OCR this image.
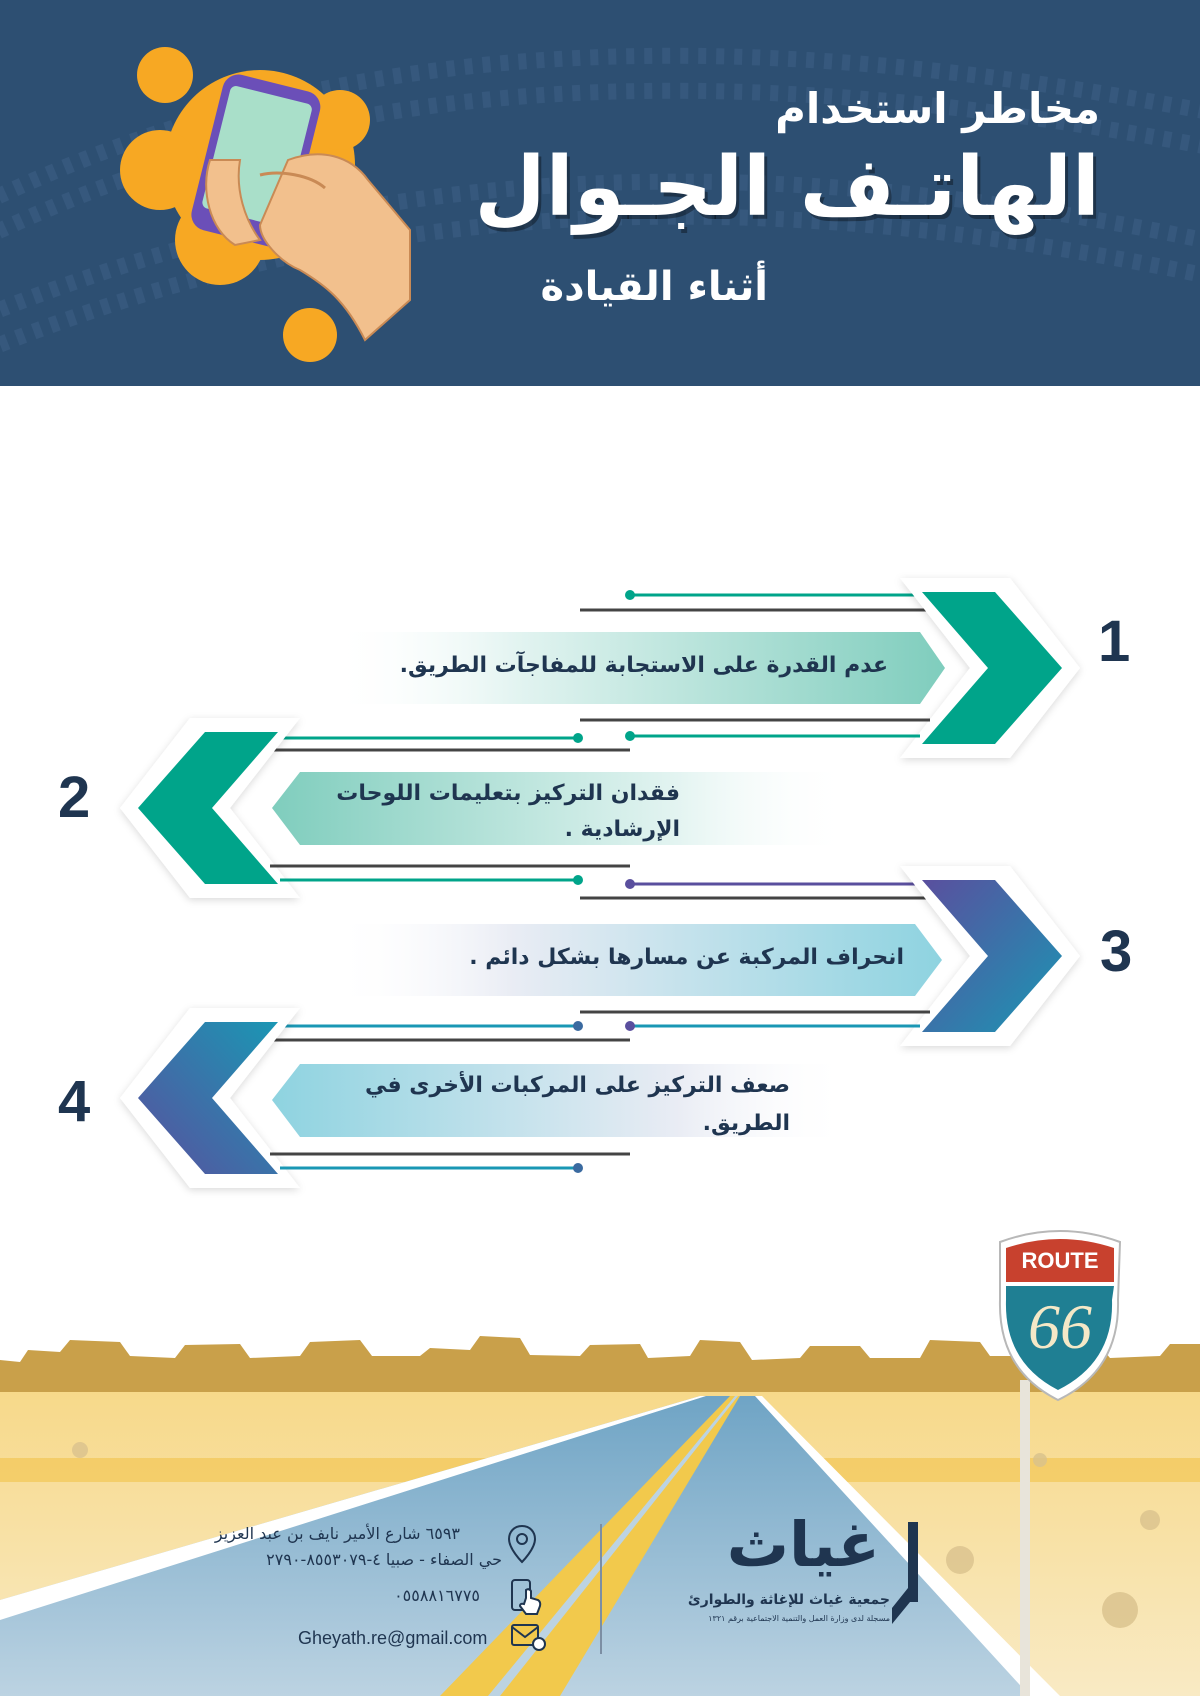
مخاطر استخدام
الهاتـف الجـوال
أثناء القيادة
1
عدم القدرة على الاستجابة للمفاجآت الطريق.
2	فقدان التركيز بتعليمات اللوحات
الإرشادية .
3
انحراف المركبة عن مسارها بشكل دائم .
4	صعف التركيز على المركبات الأخرى في
الطريق.
ROUTE
66
٦٥٩٣ شارع الأمير نايف بن عبد العزيز
حي الصفاء - صبيا ٤-٨٥٥٣٠٧٩-٢٧٩٠
٠٥٥٨٨١٦٧٧٥
Gheyath.re@gmail.com
غياث
جمعية غياث للإغاثة والطوارئ
مسجلة لدى وزارة العمل والتنمية الاجتماعية برقم ١٣٢١
